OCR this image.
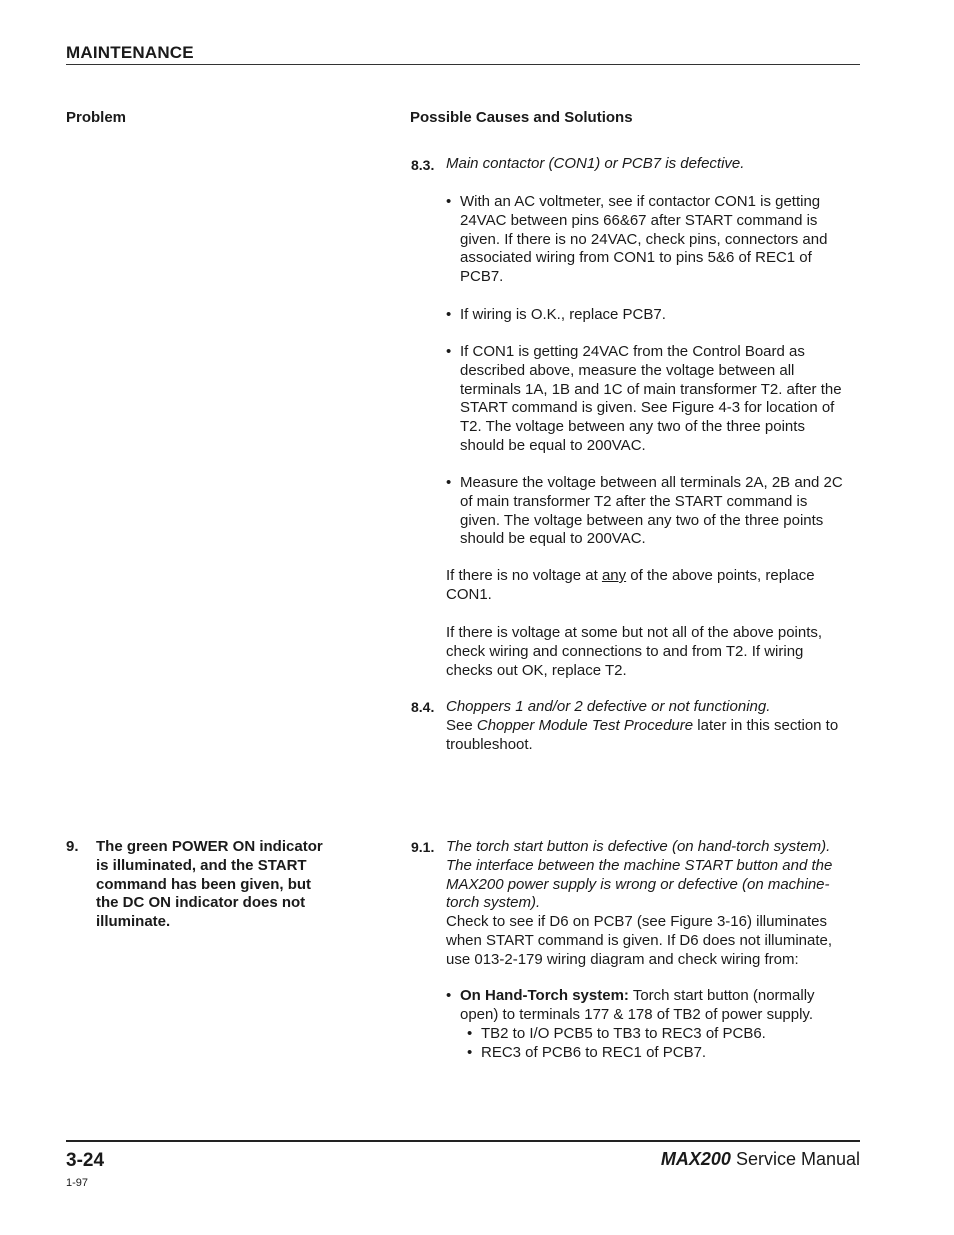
MAINTENANCE
Problem	Possible Causes and Solutions
8.3. Main contactor (CON1) or PCB7 is defective.
• With an AC voltmeter, see if contactor CON1 is getting
24VAC between pins 66&67 after START command is
given. If there is no 24VAC, check pins, connectors and
associated wiring from CON1 to pins 5&6 of REC1 of
PCB7.
• If wiring is O.K., replace PCB7.
• If CON1 is getting 24VAC from the Control Board as
described above, measure the voltage between all
terminals 1A, 1B and 1C of main transformer T2. after the
START command is given. See Figure 4-3 for location of
T2. The voltage between any two of the three points
should be equal to 200VAC.
• Measure the voltage between all terminals 2A, 2B and 2C
of main transformer T2 after the START command is
given. The voltage between any two of the three points
should be equal to 200VAC.
If there is no voltage at any of the above points, replace
CON1.
If there is voltage at some but not all of the above points,
check wiring and connections to and from T2. If wiring
checks out OK, replace T2.
8.4. Choppers 1 and/or 2 defective or not functioning.
See Chopper Module Test Procedure later in this section to
troubleshoot.
9. The green POWER ON indicator
is illuminated, and the START
command has been given, but
the DC ON indicator does not
illuminate.
9.1. The torch start button is defective (on hand-torch system).
The interface between the machine START button and the
MAX200 power supply is wrong or defective (on machine-
torch system).
Check to see if D6 on PCB7 (see Figure 3-16) illuminates
when START command is given. If D6 does not illuminate,
use 013-2-179 wiring diagram and check wiring from:
• On Hand-Torch system: Torch start button (normally
open) to terminals 177 & 178 of TB2 of power supply.
• TB2 to I/O PCB5 to TB3 to REC3 of PCB6.
• REC3 of PCB6 to REC1 of PCB7.
3-24
1-97
MAX200 Service Manual
